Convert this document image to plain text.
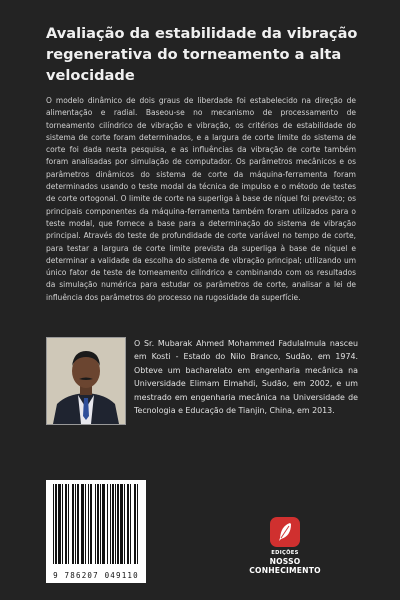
Avaliação da estabilidade da vibração regenerativa do torneamento a alta velocidade

O modelo dinâmico de dois graus de liberdade foi estabelecido na direção de alimentação e radial. Baseou-se no mecanismo de processamento de torneamento cilíndrico de vibração e vibração, os critérios de estabilidade do sistema de corte foram determinados, e a largura de corte limite do sistema de corte foi dada nesta pesquisa, e as influências da vibração de corte também foram analisadas por simulação de computador. Os parâmetros mecânicos e os parâmetros dinâmicos do sistema de corte da máquina-ferramenta foram determinados usando o teste modal da técnica de impulso e o método de testes de corte ortogonal. O limite de corte na superliga à base de níquel foi previsto; os principais componentes da máquina-ferramenta também foram utilizados para o teste modal, que fornece a base para a determinação do sistema de vibração principal. Através do teste de profundidade de corte variável no tempo de corte, para testar a largura de corte limite prevista da superliga à base de níquel e determinar a validade da escolha do sistema de vibração principal; utilizando um único fator de teste de torneamento cilíndrico e combinando com os resultados da simulação numérica para estudar os parâmetros de corte, analisar a lei de influência dos parâmetros do processo na rugosidade da superfície.

O Sr. Mubarak Ahmed Mohammed Fadulalmula nasceu em Kosti - Estado do Nilo Branco, Sudão, em 1974. Obteve um bacharelato em engenharia mecânica na Universidade Elimam Elmahdi, Sudão, em 2002, e um mestrado em engenharia mecânica na Universidade de Tecnologia e Educação de Tianjin, China, em 2013.

9 786207 049110
EDIÇÕES
NOSSO CONHECIMENTO
